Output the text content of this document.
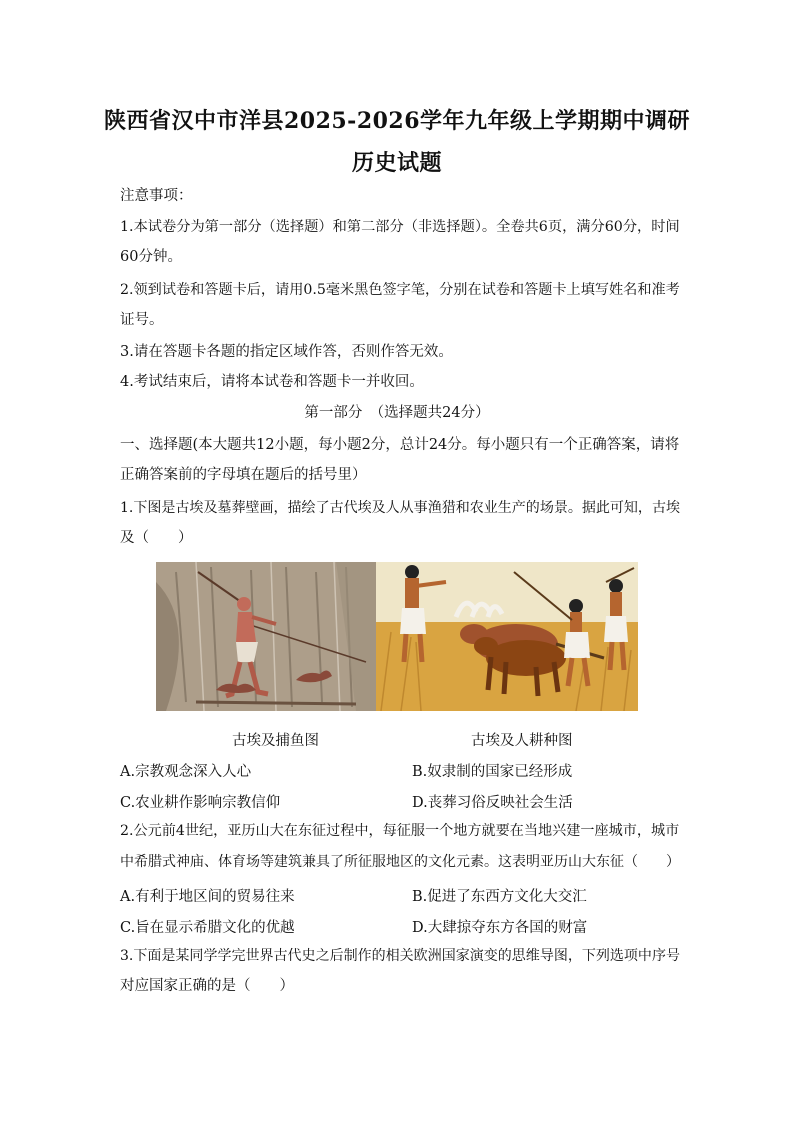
陕西省汉中市洋县2025-2026学年九年级上学期期中调研
历史试题
注意事项：
1.本试卷分为第一部分（选择题）和第二部分（非选择题）。全卷共6页，满分60分，时间
60分钟。
2.领到试卷和答题卡后，请用0.5毫米黑色签字笔，分别在试卷和答题卡上填写姓名和准考
证号。
3.请在答题卡各题的指定区域作答，否则作答无效。
4.考试结束后，请将本试卷和答题卡一并收回。
第一部分　（选择题共24分）
一、选择题(本大题共12小题，每小题2分，总计24分。每小题只有一个正确答案，请将
正确答案前的字母填在题后的括号里）
1.下图是古埃及墓葬壁画，描绘了古代埃及人从事渔猎和农业生产的场景。据此可知，古埃
及（　　）
古埃及捕鱼图	古埃及人耕种图
A.宗教观念深入人心	B.奴隶制的国家已经形成
C.农业耕作影响宗教信仰	D.丧葬习俗反映社会生活
2.公元前4世纪，亚历山大在东征过程中，每征服一个地方就要在当地兴建一座城市，城市
中希腊式神庙、体育场等建筑兼具了所征服地区的文化元素。这表明亚历山大东征（　　）
A.有利于地区间的贸易往来	B.促进了东西方文化大交汇
C.旨在显示希腊文化的优越	D.大肆掠夺东方各国的财富
3.下面是某同学学完世界古代史之后制作的相关欧洲国家演变的思维导图，下列选项中序号
对应国家正确的是（　　）
